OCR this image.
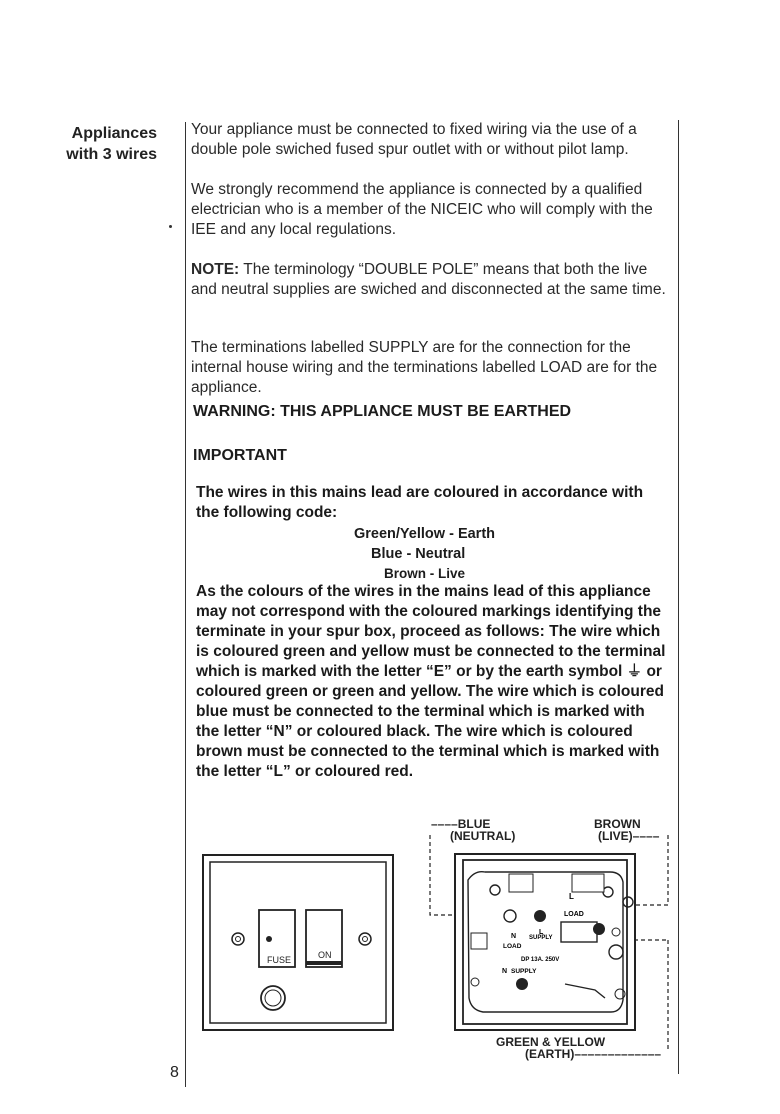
Appliances
with 3 wires
Your appliance must be connected to fixed wiring via the use of a double pole swiched fused spur outlet with or without pilot lamp.
We strongly recommend the appliance is connected by a qualified electrician who is a member of the NICEIC who will comply with the IEE and any local regulations.
NOTE: The terminology “DOUBLE POLE” means that both the live and neutral supplies are swiched and disconnected at the same time.
The terminations labelled SUPPLY are for the connection for the internal house wiring and the terminations labelled LOAD are for the appliance.
WARNING: THIS APPLIANCE MUST BE EARTHED
IMPORTANT
The wires in this mains lead are coloured in accordance with the following code:
Green/Yellow - Earth
Blue - Neutral
Brown - Live
As the colours of the wires in the mains lead of this appliance may not correspond with the coloured markings identifying the terminate in your spur box, proceed as follows: The wire which is coloured green and yellow must be connected to the terminal which is marked with the letter “E” or by the earth symbol ⏚ or coloured green or green and yellow. The wire which is coloured blue must be connected to the terminal which is marked with the letter “N” or coloured black. The wire which is coloured brown must be connected to the terminal which is marked with the letter “L” or coloured red.
FUSE	ON
––––BLUE
(NEUTRAL)
BROWN
(LIVE)––––
GREEN & YELLOW
(EARTH)–––––––––––––
L
LOAD
L
N SUPPLY
LOAD
DP 13A. 250V
N SUPPLY
8
